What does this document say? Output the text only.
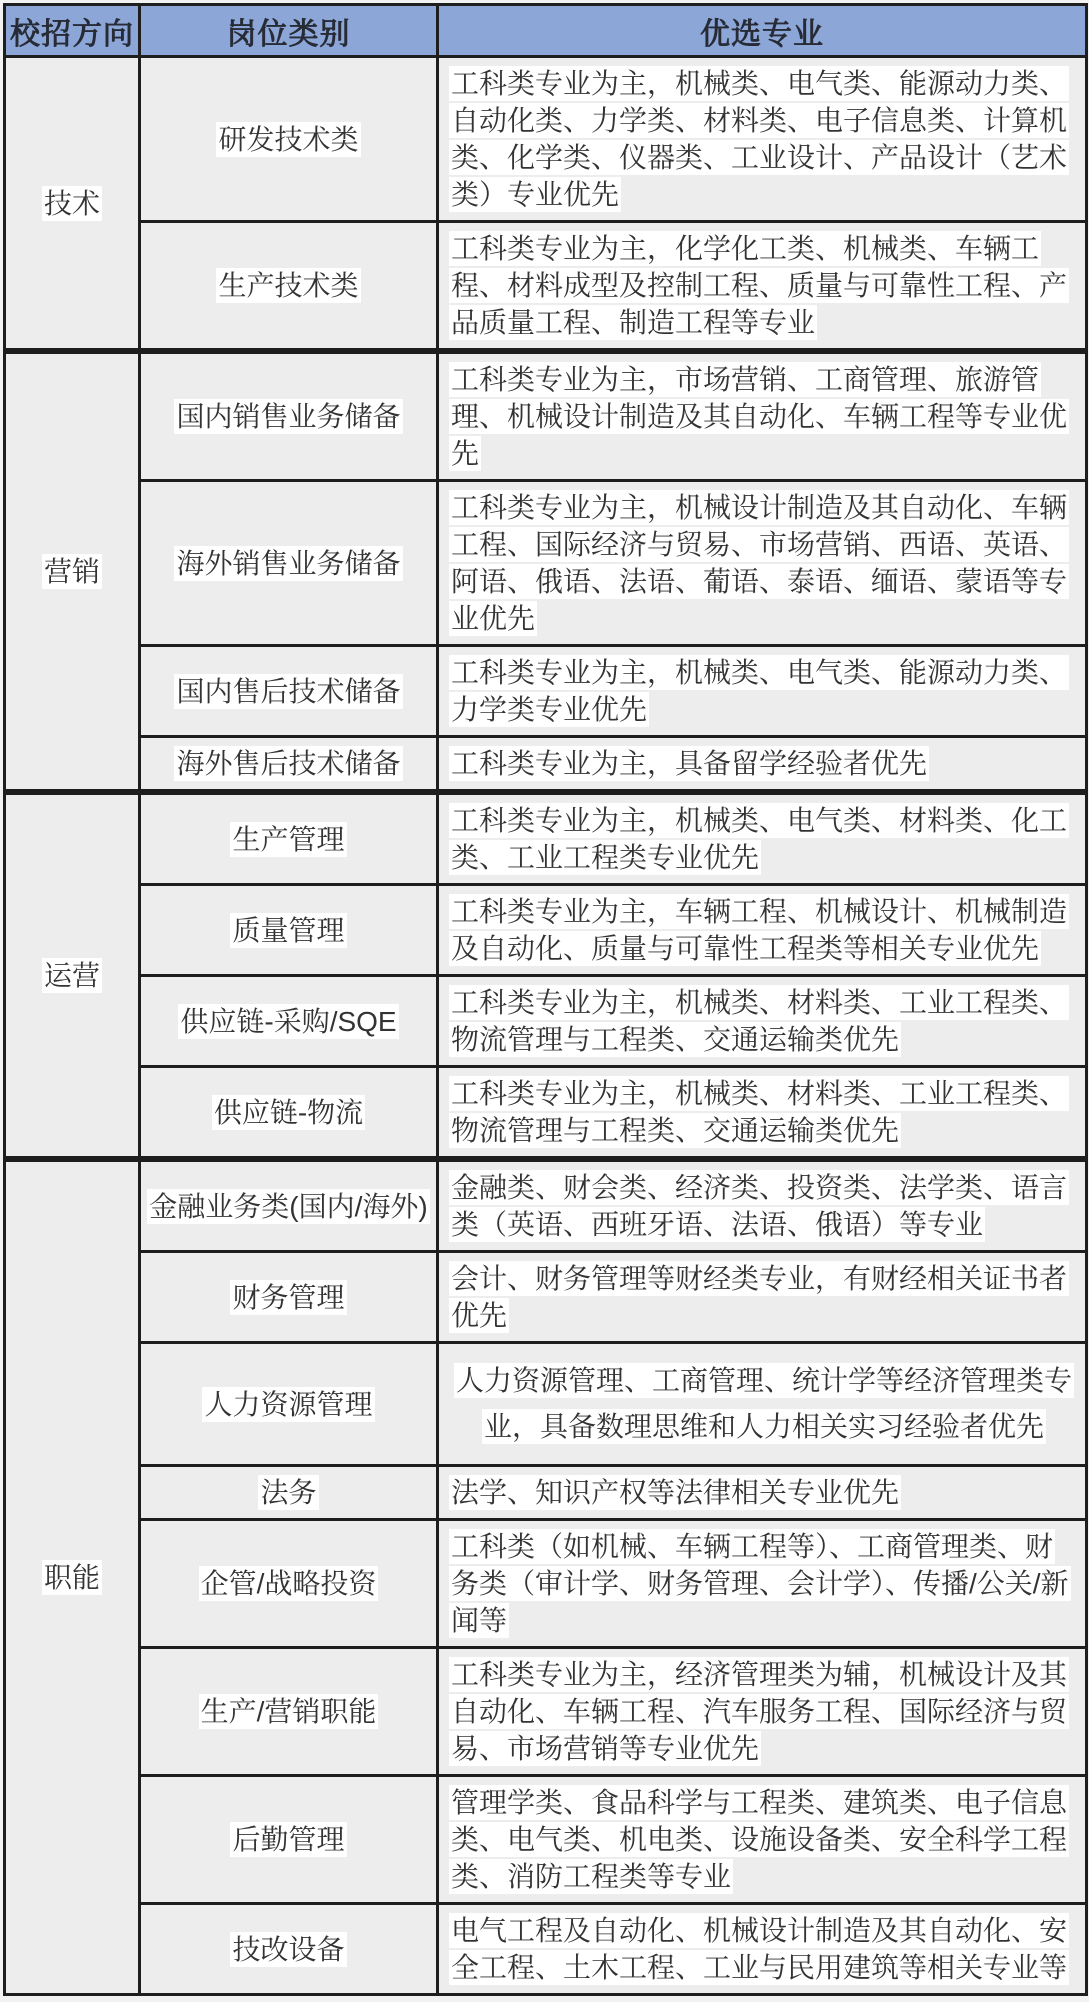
校招方向	岗位类别	优选专业
技术	研发技术类	工科类专业为主，机械类、电气类、能源动力类、自动化类、力学类、材料类、电子信息类、计算机类、化学类、仪器类、工业设计、产品设计（艺术类）专业优先
	生产技术类	工科类专业为主，化学化工类、机械类、车辆工程、材料成型及控制工程、质量与可靠性工程、产品质量工程、制造工程等专业
营销	国内销售业务储备	工科类专业为主，市场营销、工商管理、旅游管理、机械设计制造及其自动化、车辆工程等专业优先
	海外销售业务储备	工科类专业为主，机械设计制造及其自动化、车辆工程、国际经济与贸易、市场营销、西语、英语、阿语、俄语、法语、葡语、泰语、缅语、蒙语等专业优先
	国内售后技术储备	工科类专业为主，机械类、电气类、能源动力类、力学类专业优先
	海外售后技术储备	工科类专业为主，具备留学经验者优先
运营	生产管理	工科类专业为主，机械类、电气类、材料类、化工类、工业工程类专业优先
	质量管理	工科类专业为主，车辆工程、机械设计、机械制造及自动化、质量与可靠性工程类等相关专业优先
	供应链-采购/SQE	工科类专业为主，机械类、材料类、工业工程类、物流管理与工程类、交通运输类优先
	供应链-物流	工科类专业为主，机械类、材料类、工业工程类、物流管理与工程类、交通运输类优先
职能	金融业务类(国内/海外)	金融类、财会类、经济类、投资类、法学类、语言类（英语、西班牙语、法语、俄语）等专业
	财务管理	会计、财务管理等财经类专业，有财经相关证书者优先
	人力资源管理	人力资源管理、工商管理、统计学等经济管理类专业，具备数理思维和人力相关实习经验者优先
	法务	法学、知识产权等法律相关专业优先
	企管/战略投资	工科类（如机械、车辆工程等）、工商管理类、财务类（审计学、财务管理、会计学）、传播/公关/新闻等
	生产/营销职能	工科类专业为主，经济管理类为辅，机械设计及其自动化、车辆工程、汽车服务工程、国际经济与贸易、市场营销等专业优先
	后勤管理	管理学类、食品科学与工程类、建筑类、电子信息类、电气类、机电类、设施设备类、安全科学工程类、消防工程类等专业
	技改设备	电气工程及自动化、机械设计制造及其自动化、安全工程、土木工程、工业与民用建筑等相关专业等
